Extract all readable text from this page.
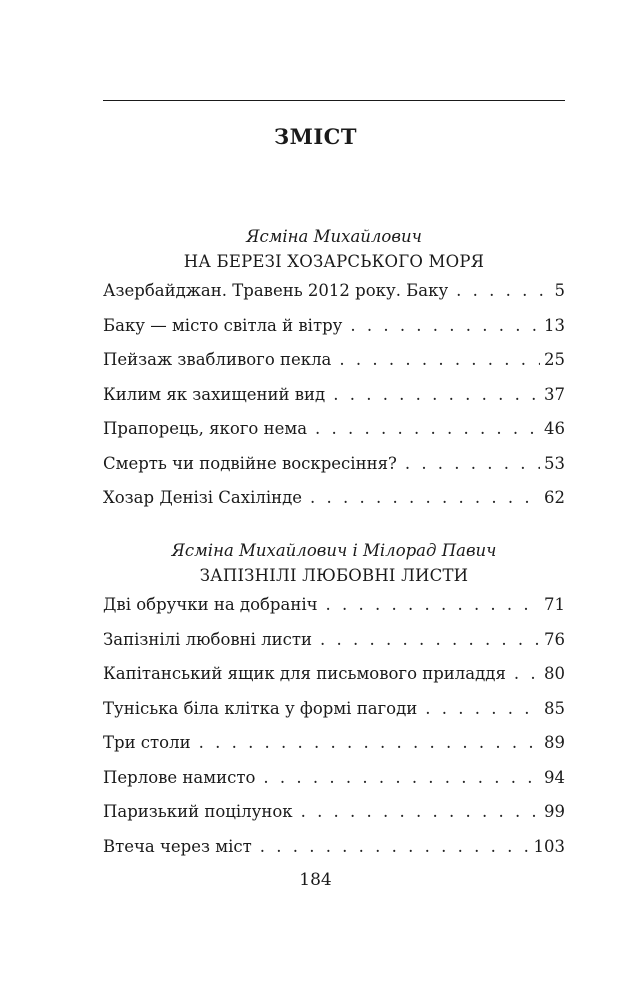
ЗМІСТ
Ясміна Михайлович
НА БЕРЕЗІ ХОЗАРСЬКОГО МОРЯ
Азербайджан. Травень 2012 року. Баку . . .	5
Баку — місто світла й вітру . . .	13
Пейзаж звабливого пекла . . .	25
Килим як захищений вид . . .	37
Прапорець, якого нема . . .	46
Смерть чи подвійне воскресіння? . . .	53
Хозар Денізі Сахілінде . . .	62
Ясміна Михайлович і Мілорад Павич
ЗАПІЗНІЛІ ЛЮБОВНІ ЛИСТИ
Дві обручки на добраніч . . .	71
Запізнілі любовні листи . . .	76
Капітанський ящик для письмового приладдя . . . 80
Туніська біла клітка у формі пагоди . . .	85
Три столи . . .	89
Перлове намисто . . .	94
Паризький поцілунок . . .	99
Втеча через міст . . .	103
184
